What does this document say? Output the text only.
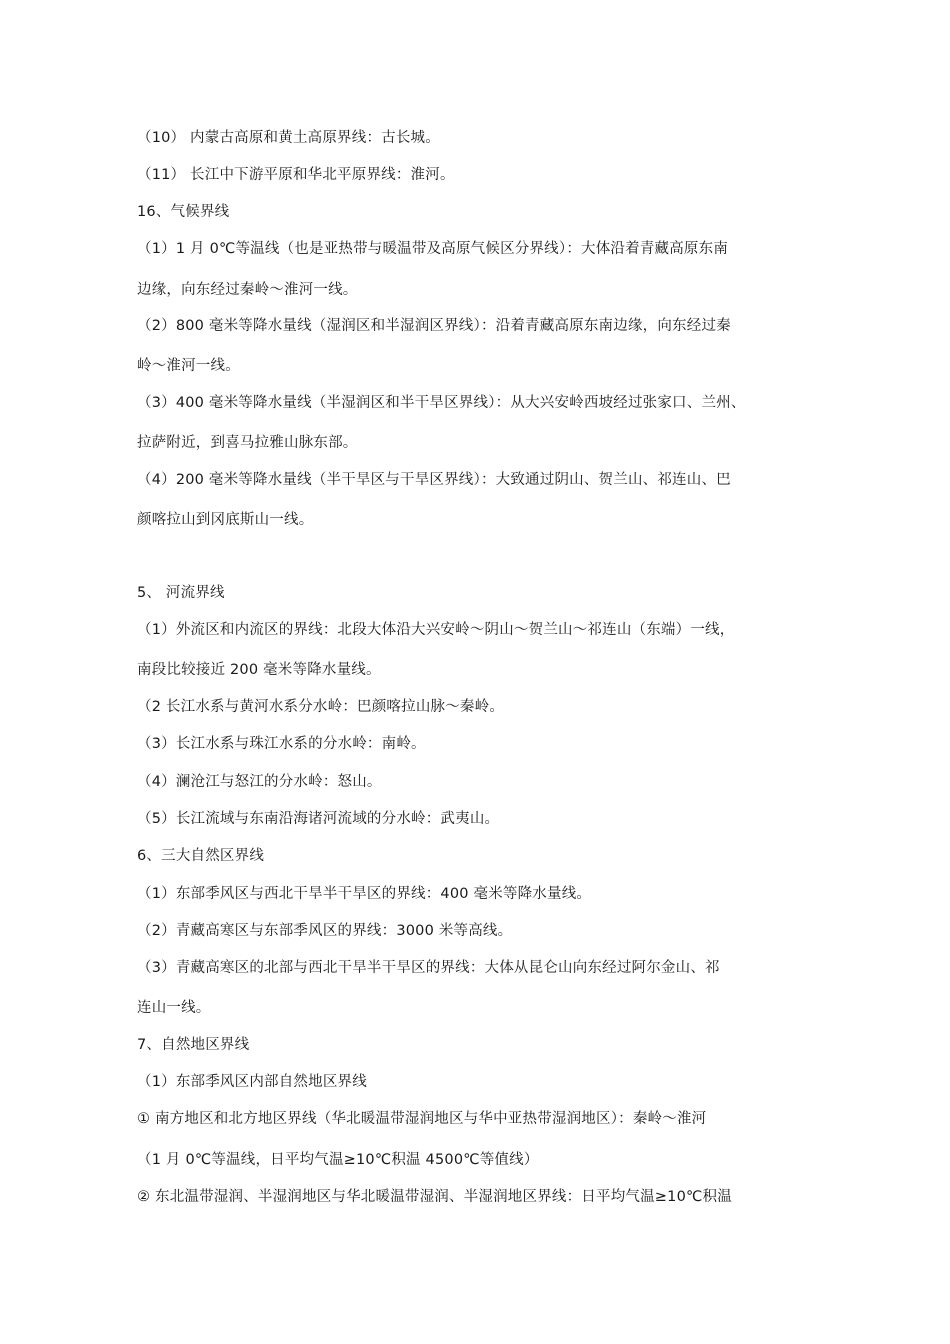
（10） 内蒙古高原和黄土高原界线：古长城。
（11） 长江中下游平原和华北平原界线：淮河。
16、气候界线
（1）1 月 0℃等温线（也是亚热带与暖温带及高原气候区分界线）：大体沿着青藏高原东南
边缘，向东经过秦岭～淮河一线。
（2）800 毫米等降水量线（湿润区和半湿润区界线）：沿着青藏高原东南边缘，向东经过秦
岭～淮河一线。
（3）400 毫米等降水量线（半湿润区和半干旱区界线）：从大兴安岭西坡经过张家口、兰州、
拉萨附近，到喜马拉雅山脉东部。
（4）200 毫米等降水量线（半干旱区与干旱区界线）：大致通过阴山、贺兰山、祁连山、巴
颜喀拉山到冈底斯山一线。
5、 河流界线
（1）外流区和内流区的界线：北段大体沿大兴安岭～阴山～贺兰山～祁连山（东端）一线，
南段比较接近 200 毫米等降水量线。
（2 长江水系与黄河水系分水岭：巴颜喀拉山脉～秦岭。
（3）长江水系与珠江水系的分水岭：南岭。
（4）澜沧江与怒江的分水岭：怒山。
（5）长江流域与东南沿海诸河流域的分水岭：武夷山。
6、三大自然区界线
（1）东部季风区与西北干旱半干旱区的界线：400 毫米等降水量线。
（2）青藏高寒区与东部季风区的界线：3000 米等高线。
（3）青藏高寒区的北部与西北干旱半干旱区的界线：大体从昆仑山向东经过阿尔金山、祁
连山一线。
7、自然地区界线
（1）东部季风区内部自然地区界线
① 南方地区和北方地区界线（华北暖温带湿润地区与华中亚热带湿润地区）：秦岭～淮河
（1 月 0℃等温线，日平均气温≥10℃积温 4500℃等值线）
② 东北温带湿润、半湿润地区与华北暖温带湿润、半湿润地区界线：日平均气温≥10℃积温
